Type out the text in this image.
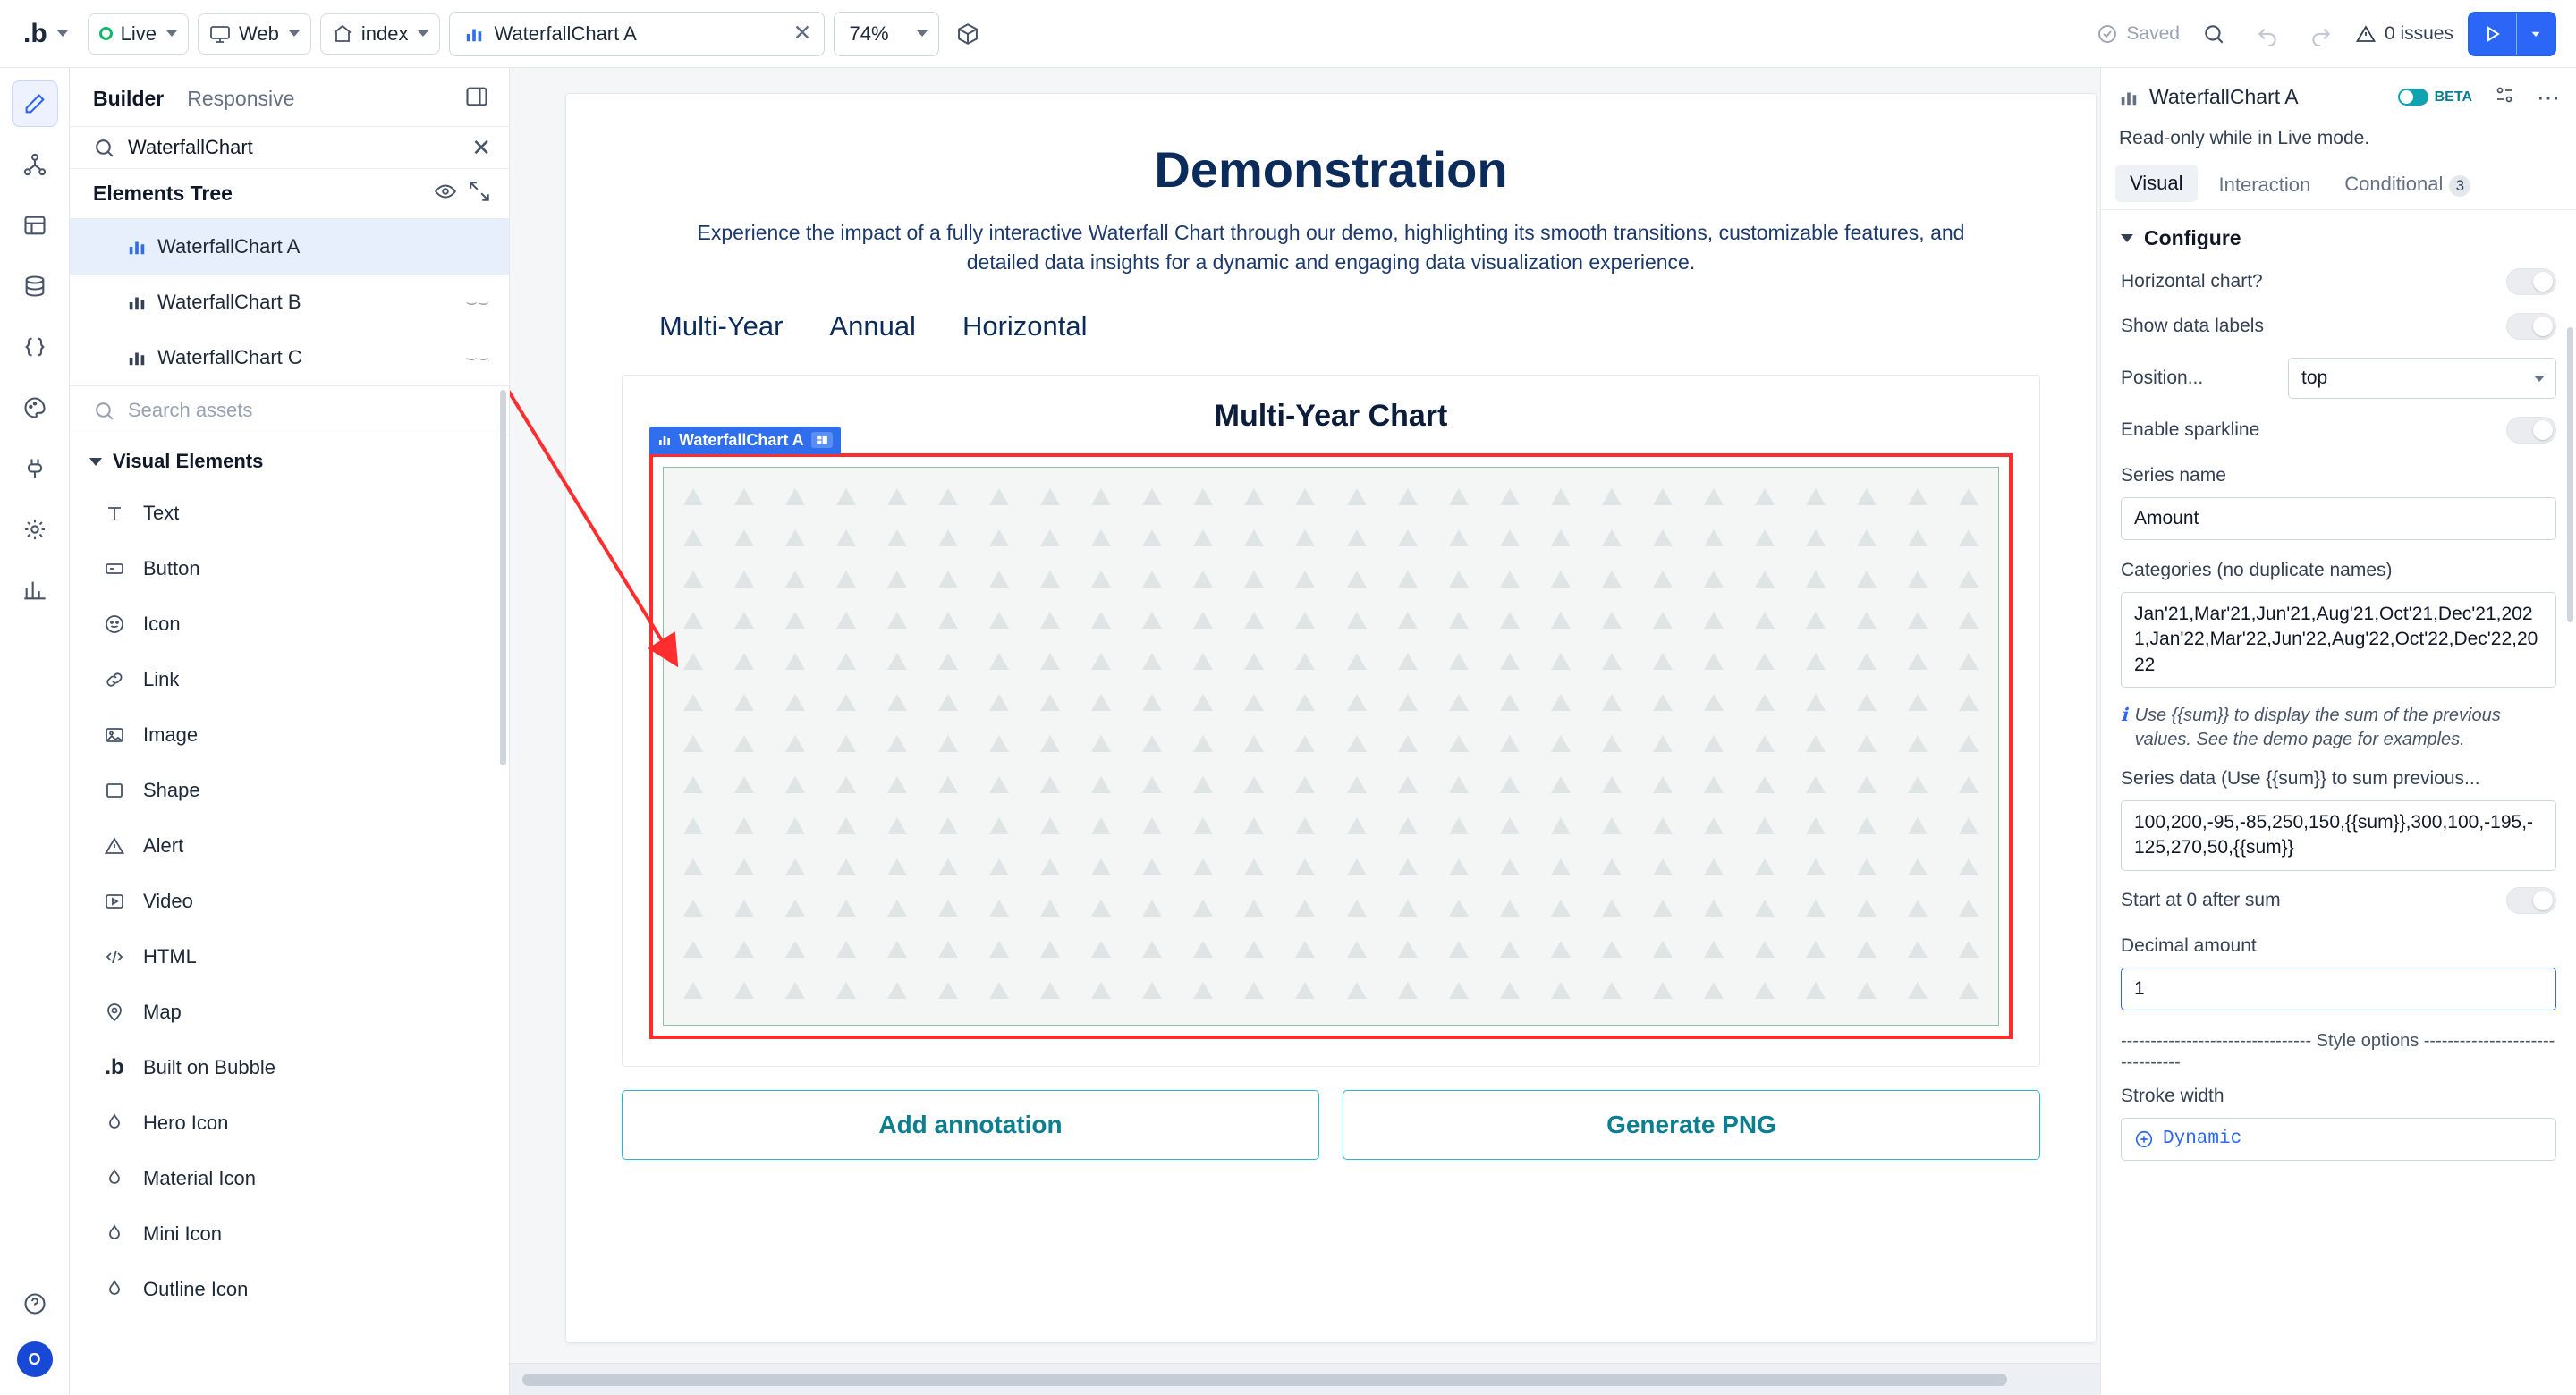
.b	Live	Web	index	WaterfallChart A	✕ 74%	Saved	0 issues
O
Builder Responsive
WaterfallChart
✕
Elements Tree
WaterfallChart A
WaterfallChart B	⌣⌣
WaterfallChart C	⌣⌣
Search assets
Visual Elements
Text
Button
Icon
Link
Image
Shape
Alert
Video
HTML
Map
.b Built on Bubble
Hero Icon
Material Icon
Mini Icon
Outline Icon
Demonstration
Experience the impact of a fully interactive Waterfall Chart through our demo, highlighting its smooth transitions, customizable features, and detailed data insights for a dynamic and engaging data visualization experience.
Multi-Year Annual Horizontal
Multi-Year Chart
WaterfallChart A
Add annotation	Generate PNG
WaterfallChart A	BETA	⋯
Read-only while in Live mode.
Visual	Interaction	Conditional 3
Configure
Horizontal chart?
Show data labels
Position...	top
Enable sparkline
Series name
Amount
Categories (no duplicate names)
Jan'21,Mar'21,Jun'21,Aug'21,Oct'21,Dec'21,2021,Jan'22,Mar'22,Jun'22,Aug'22,Oct'22,Dec'22,2022
ℹ Use {{sum}} to display the sum of the previous values. See the demo page for examples.
Series data (Use {{sum}} to sum previous...
100,200,-95,-85,250,150,{{sum}},300,100,-195,-125,270,50,{{sum}}
Start at 0 after sum
Decimal amount
1
-------------------------------- Style options --------------------------------
Stroke width
Dynamic
